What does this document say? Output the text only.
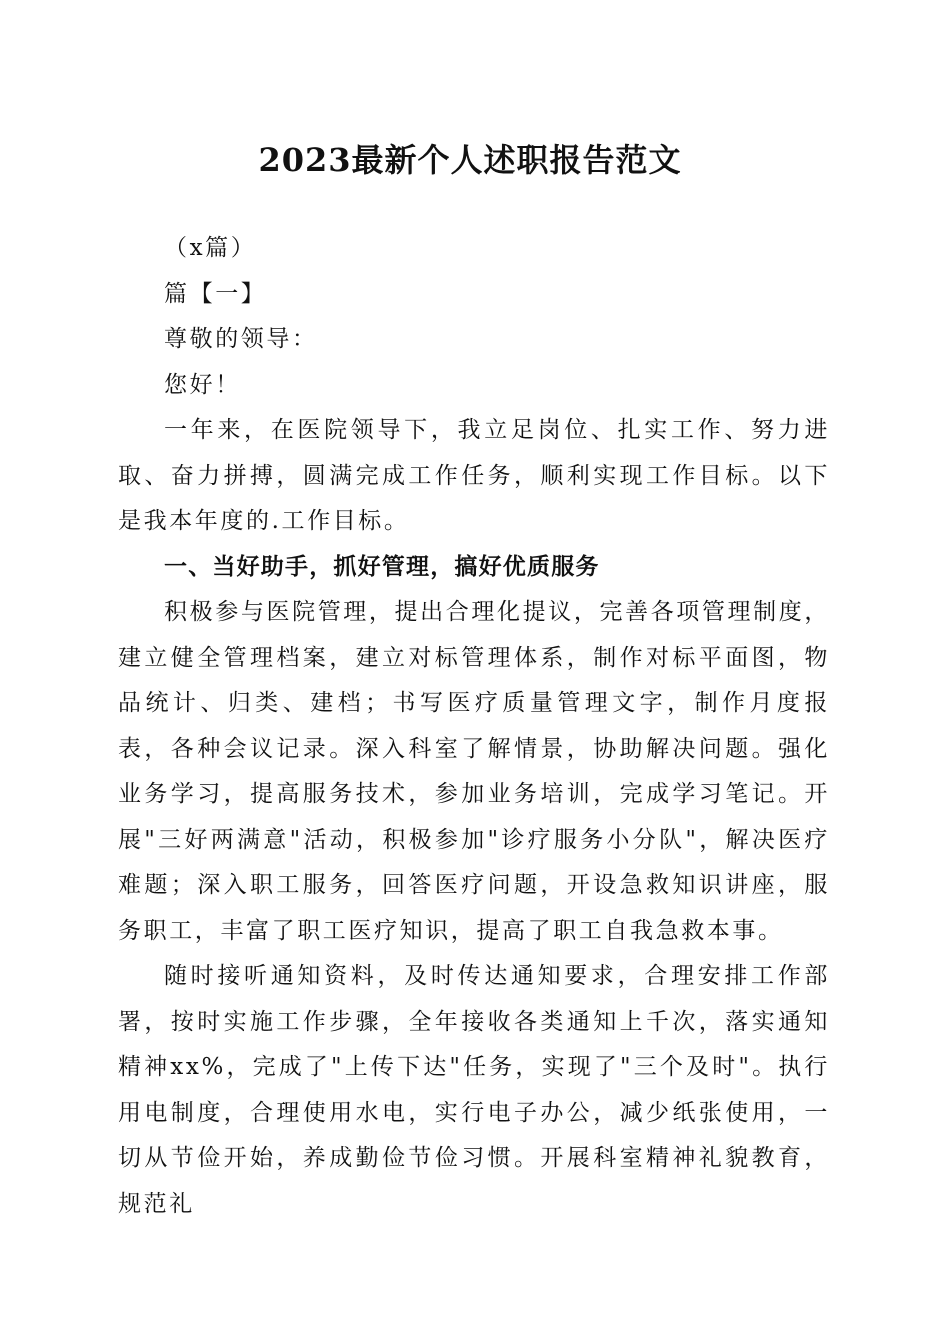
2023最新个人述职报告范文

（x篇）

篇【一】

尊敬的领导：

您好！

一年来，在医院领导下，我立足岗位、扎实工作、努力进取、奋力拼搏，圆满完成工作任务，顺利实现工作目标。以下是我本年度的.工作目标。

一、当好助手，抓好管理，搞好优质服务

积极参与医院管理，提出合理化提议，完善各项管理制度，建立健全管理档案，建立对标管理体系，制作对标平面图，物品统计、归类、建档；书写医疗质量管理文字，制作月度报表，各种会议记录。深入科室了解情景，协助解决问题。强化业务学习，提高服务技术，参加业务培训，完成学习笔记。开展"三好两满意"活动，积极参加"诊疗服务小分队"，解决医疗难题；深入职工服务，回答医疗问题，开设急救知识讲座，服务职工，丰富了职工医疗知识，提高了职工自我急救本事。

随时接听通知资料，及时传达通知要求，合理安排工作部署，按时实施工作步骤，全年接收各类通知上千次，落实通知精神xx%，完成了"上传下达"任务，实现了"三个及时"。执行用电制度，合理使用水电，实行电子办公，减少纸张使用，一切从节俭开始，养成勤俭节俭习惯。开展科室精神礼貌教育，规范礼
